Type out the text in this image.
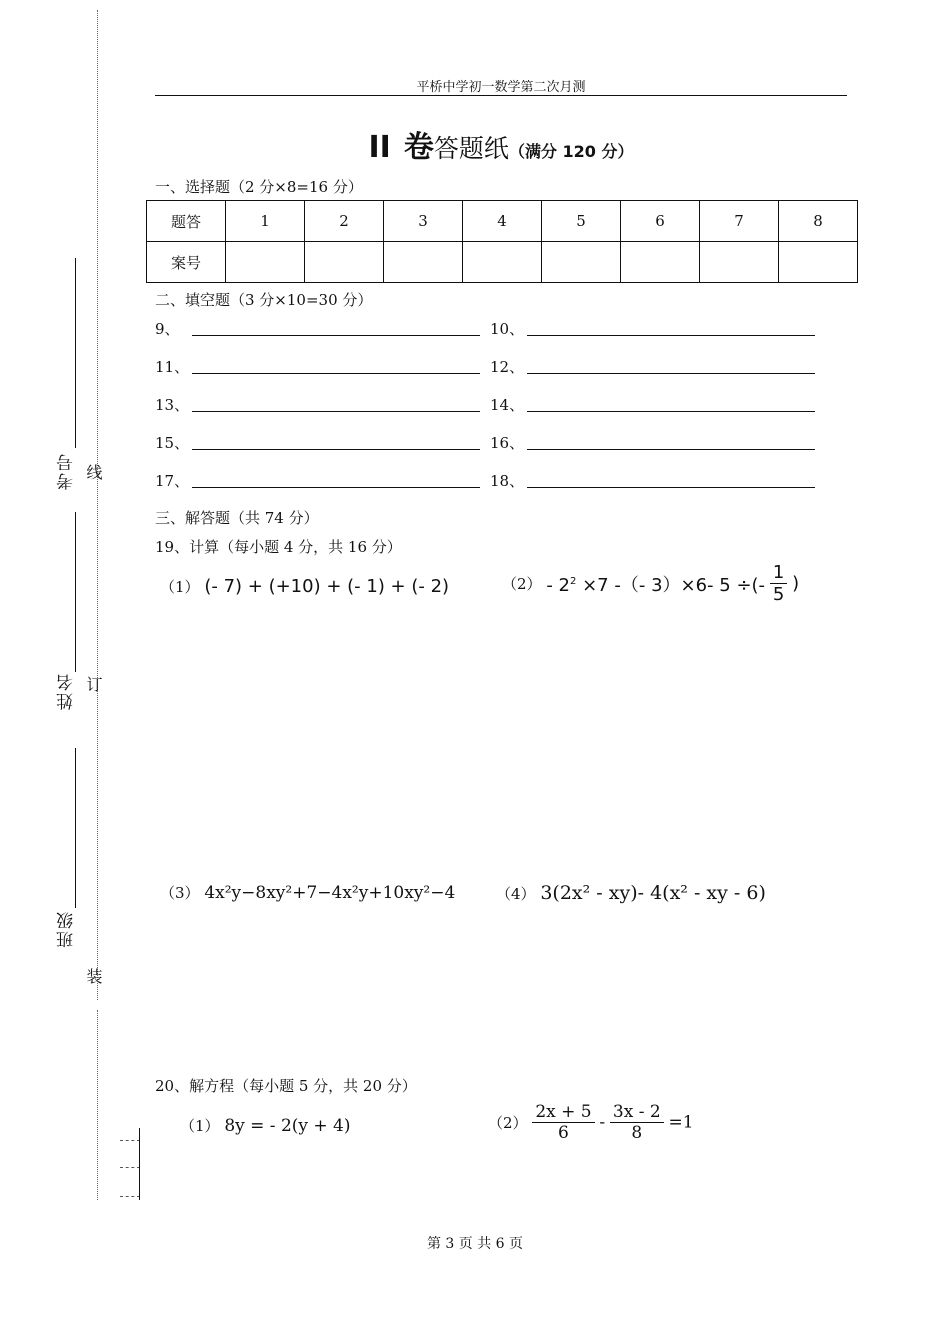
考号 线
姓名 订
班级
装
平桥中学初一数学第二次月测
II 卷答题纸（满分 120 分）
一、选择题（2 分×8=16 分）
题答	1	2	3	4	5	6	7	8
案号								
二、填空题（3 分×10=30 分）
9、	10、
11、	12、
13、	14、
15、	16、
17、	18、
三、解答题（共 74 分）
19、计算（每小题 4 分，共 16 分）
（1） (- 7) + (+10) + (- 1) + (- 2)	$(2) - 2^2 \times 7$ -（- 3）×6- 5 ÷(- $\frac{1}{5}$ )
（3） 4x²y−8xy²+7−4x²y+10xy²−4	（4） 3(2x² - xy)- 4(x² - xy - 6)
20、解方程（每小题 5 分，共 20 分）
（1） 8y = - 2(y + 4)	$(2) \frac{2x + 5}{6} - \frac{3x - 2}{8} =1$
第 3 页 共 6 页
